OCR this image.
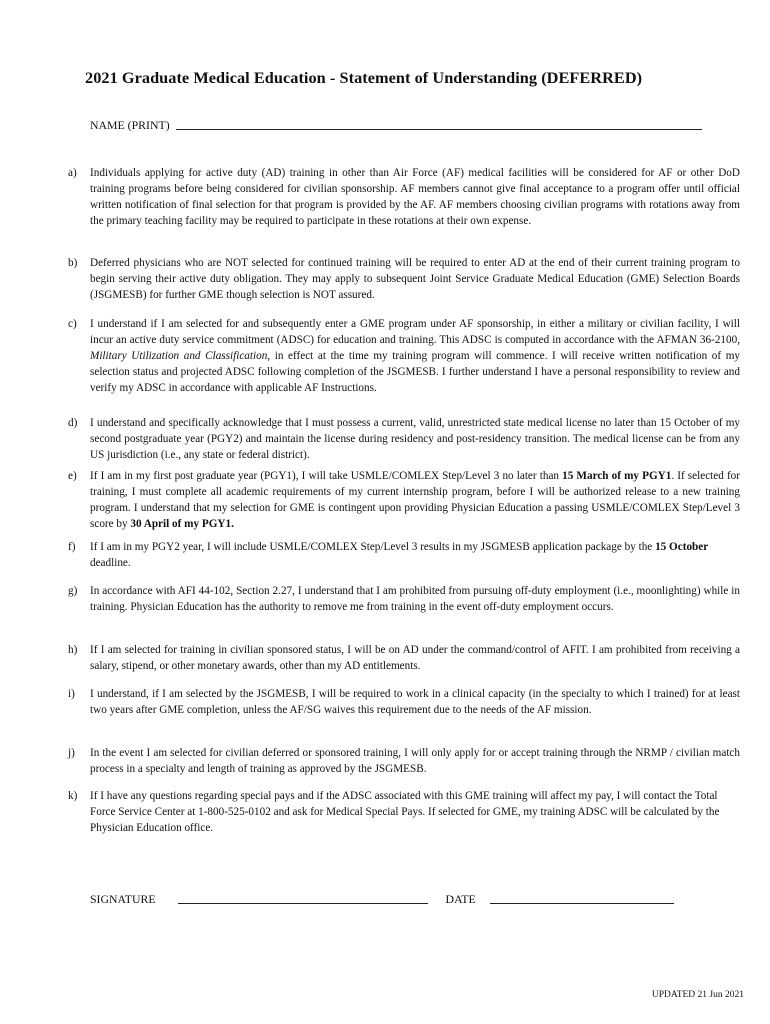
2021 Graduate Medical Education - Statement of Understanding (DEFERRED)
NAME (PRINT)
a) Individuals applying for active duty (AD) training in other than Air Force (AF) medical facilities will be considered for AF or other DoD training programs before being considered for civilian sponsorship. AF members cannot give final acceptance to a program offer until official written notification of final selection for that program is provided by the AF. AF members choosing civilian programs with rotations away from the primary teaching facility may be required to participate in these rotations at their own expense.
b) Deferred physicians who are NOT selected for continued training will be required to enter AD at the end of their current training program to begin serving their active duty obligation. They may apply to subsequent Joint Service Graduate Medical Education (GME) Selection Boards (JSGMESB) for further GME though selection is NOT assured.
c) I understand if I am selected for and subsequently enter a GME program under AF sponsorship, in either a military or civilian facility, I will incur an active duty service commitment (ADSC) for education and training. This ADSC is computed in accordance with the AFMAN 36-2100, Military Utilization and Classification, in effect at the time my training program will commence. I will receive written notification of my selection status and projected ADSC following completion of the JSGMESB. I further understand I have a personal responsibility to review and verify my ADSC in accordance with applicable AF Instructions.
d) I understand and specifically acknowledge that I must possess a current, valid, unrestricted state medical license no later than 15 October of my second postgraduate year (PGY2) and maintain the license during residency and post-residency transition. The medical license can be from any US jurisdiction (i.e., any state or federal district).
e) If I am in my first post graduate year (PGY1), I will take USMLE/COMLEX Step/Level 3 no later than 15 March of my PGY1. If selected for training, I must complete all academic requirements of my current internship program, before I will be authorized release to a new training program. I understand that my selection for GME is contingent upon providing Physician Education a passing USMLE/COMLEX Step/Level 3 score by 30 April of my PGY1.
f) If I am in my PGY2 year, I will include USMLE/COMLEX Step/Level 3 results in my JSGMESB application package by the 15 October deadline.
g) In accordance with AFI 44-102, Section 2.27, I understand that I am prohibited from pursuing off-duty employment (i.e., moonlighting) while in training. Physician Education has the authority to remove me from training in the event off-duty employment occurs.
h) If I am selected for training in civilian sponsored status, I will be on AD under the command/control of AFIT. I am prohibited from receiving a salary, stipend, or other monetary awards, other than my AD entitlements.
i) I understand, if I am selected by the JSGMESB, I will be required to work in a clinical capacity (in the specialty to which I trained) for at least two years after GME completion, unless the AF/SG waives this requirement due to the needs of the AF mission.
j) In the event I am selected for civilian deferred or sponsored training, I will only apply for or accept training through the NRMP / civilian match process in a specialty and length of training as approved by the JSGMESB.
k) If I have any questions regarding special pays and if the ADSC associated with this GME training will affect my pay, I will contact the Total Force Service Center at 1-800-525-0102 and ask for Medical Special Pays. If selected for GME, my training ADSC will be calculated by the Physician Education office.
SIGNATURE	DATE
UPDATED 21 Jun 2021
